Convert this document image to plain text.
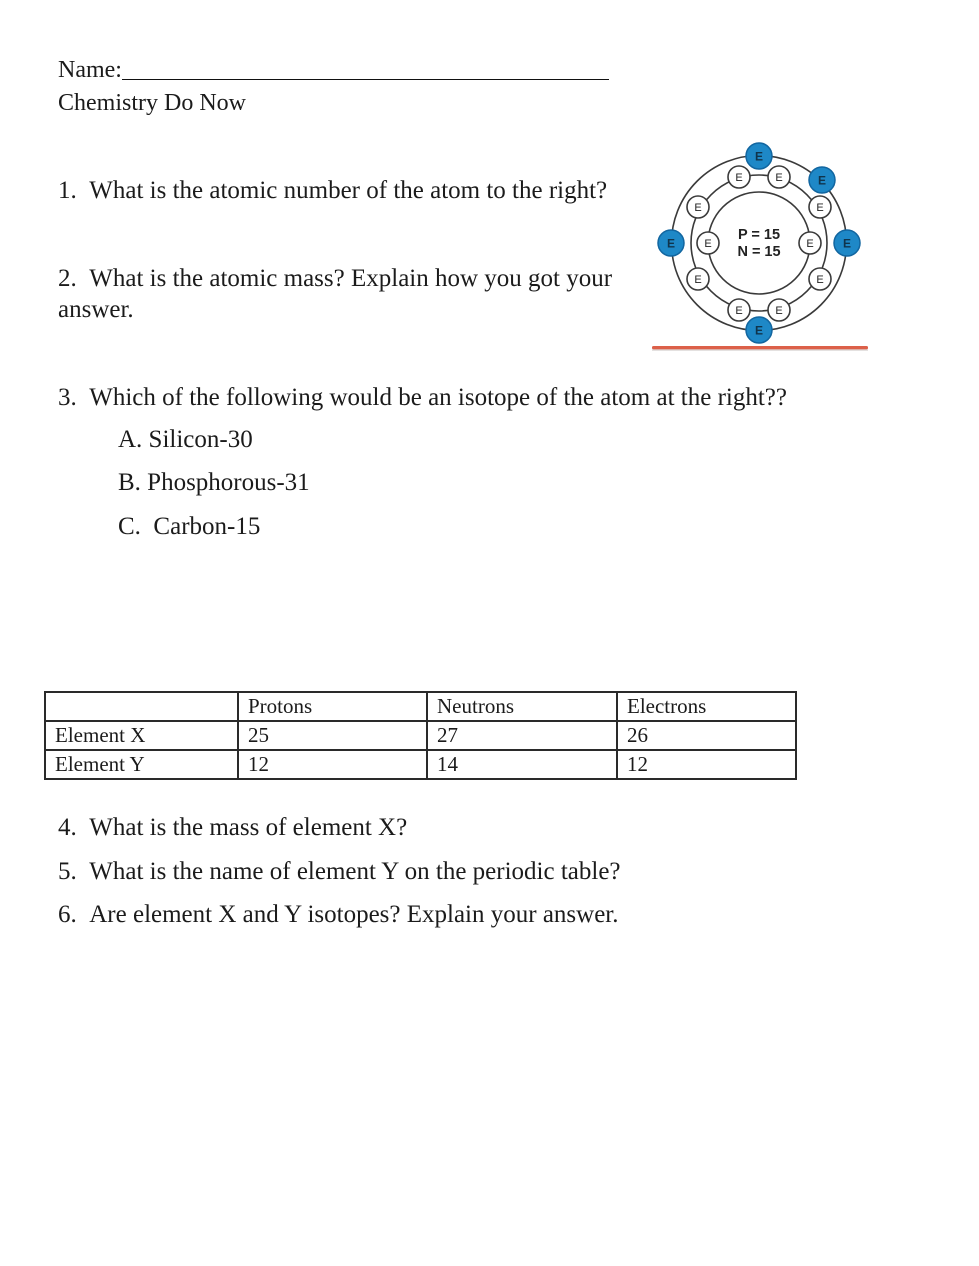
Name:
Chemistry Do Now
1.  What is the atomic number of the atom to the right?
2.  What is the atomic mass? Explain how you got your answer.
3.  Which of the following would be an isotope of the atom at the right??
A. Silicon-30
B. Phosphorous-31
C.  Carbon-15
P = 15
N = 15
E	E
E	E
E	E
E	E
E	E
E
E
E	E
E
	Protons	Neutrons	Electrons
Element X	25	27	26
Element Y	12	14	12
4.  What is the mass of element X?
5.  What is the name of element Y on the periodic table?
6.  Are element X and Y isotopes? Explain your answer.
